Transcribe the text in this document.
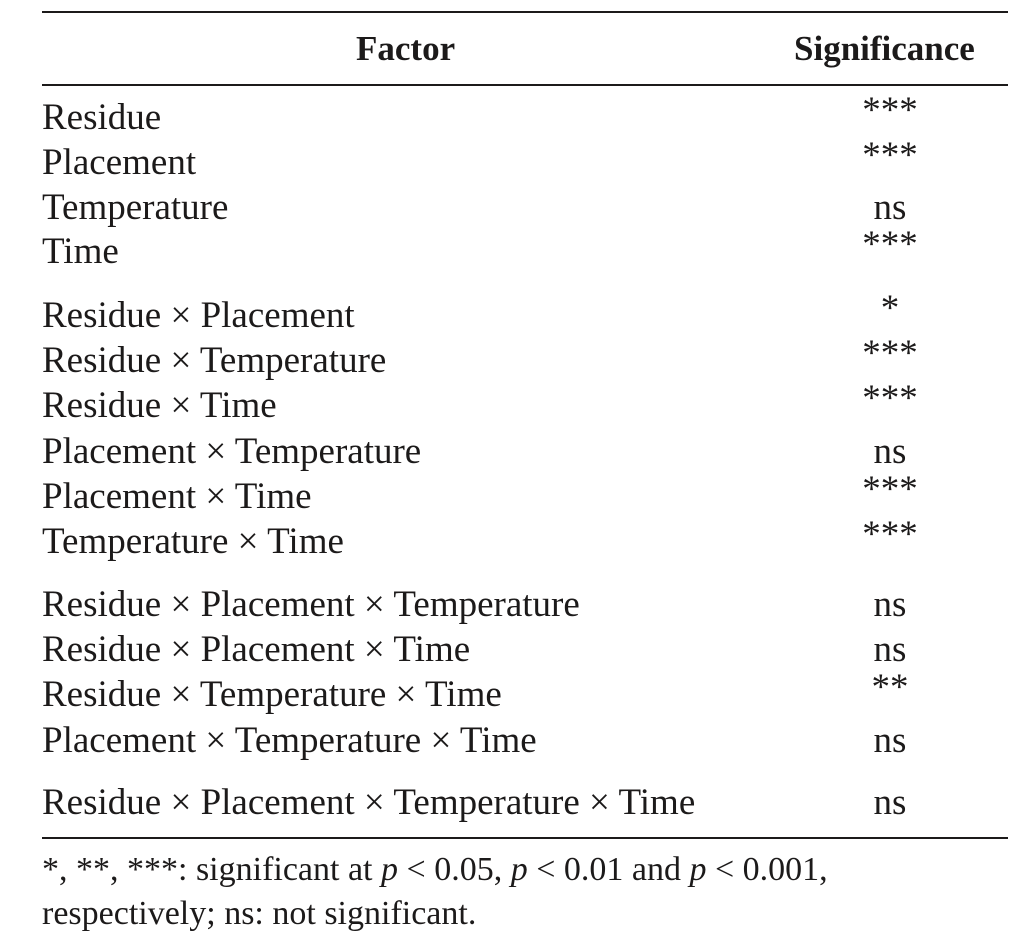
Factor	Significance
Residue	***
Placement	***
Temperature	ns
Time	***
Residue × Placement	*
Residue × Temperature	***
Residue × Time	***
Placement × Temperature	ns
Placement × Time	***
Temperature × Time	***
Residue × Placement × Temperature	ns
Residue × Placement × Time	ns
Residue × Temperature × Time	**
Placement × Temperature × Time	ns
Residue × Placement × Temperature × Time	ns
*, **, ***: significant at p < 0.05, p < 0.01 and p < 0.001, respectively; ns: not significant.
